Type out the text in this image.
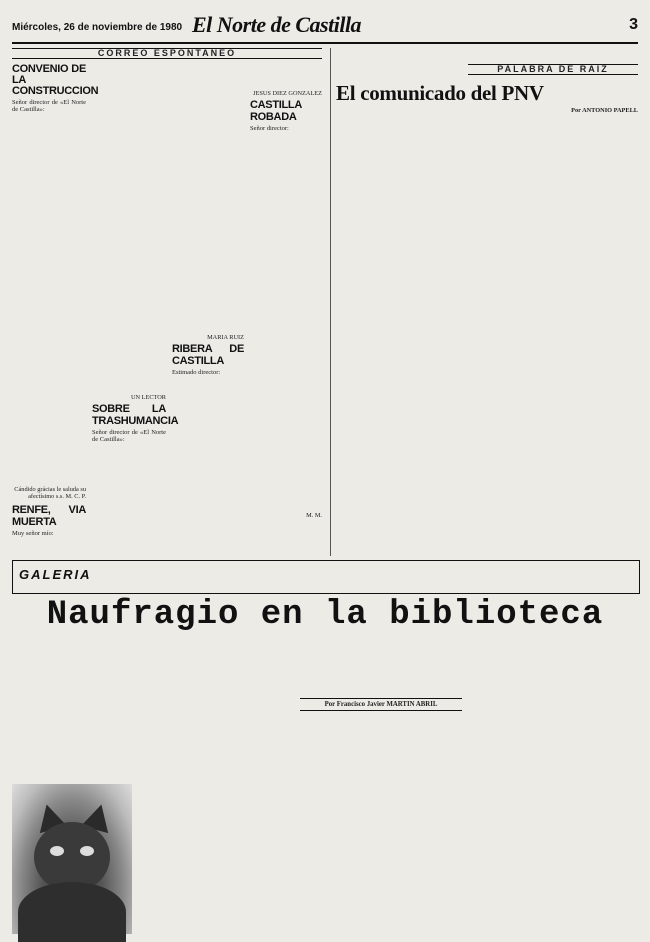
Miércoles, 26 de noviembre de 1980 El Norte de Castilla	3
CORREO ESPONTANEO
CONVENIO DE LA CONSTRUCCION
Señor director de «El Norte de Castilla»:
Cándido grácias le saluda su afectísimo s.s. M. C. P.
RENFE, VIA MUERTA
Muy señor mío:
UN LECTOR
SOBRE LA TRASHUMANCIA
Señor director de «El Norte de Castilla»:
MARIA RUIZ
RIBERA DE CASTILLA
Estimado director:
JESUS DIEZ GONZALEZ
CASTILLA ROBADA
Señor director:
M. M.
PALABRA DE RAIZ
El comunicado del PNV
Por ANTONIO PAPELL
GALERIA
Naufragio en la biblioteca
Por Francisco Javier MARTIN ABRIL
